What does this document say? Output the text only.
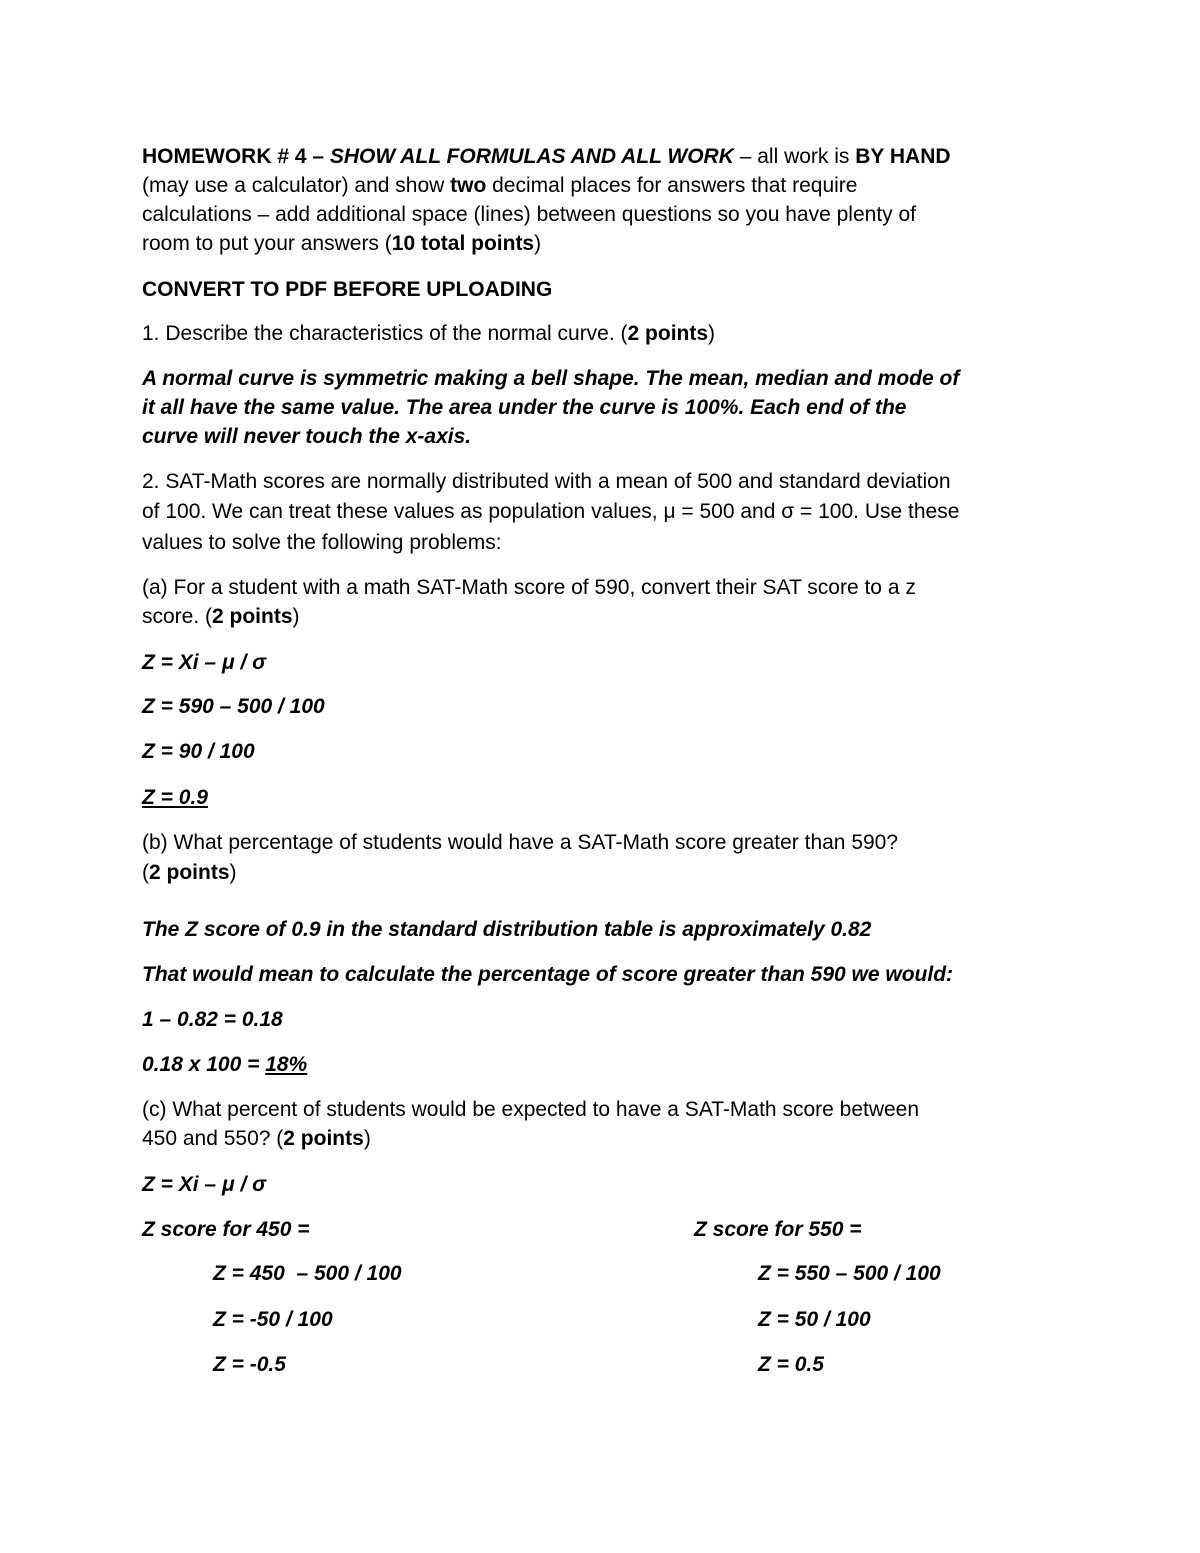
HOMEWORK # 4 – SHOW ALL FORMULAS AND ALL WORK – all work is BY HAND
(may use a calculator) and show two decimal places for answers that require
calculations – add additional space (lines) between questions so you have plenty of
room to put your answers (10 total points)
CONVERT TO PDF BEFORE UPLOADING
1. Describe the characteristics of the normal curve. (2 points)
A normal curve is symmetric making a bell shape. The mean, median and mode of
it all have the same value. The area under the curve is 100%. Each end of the
curve will never touch the x-axis.
2. SAT-Math scores are normally distributed with a mean of 500 and standard deviation
of 100. We can treat these values as population values, μ = 500 and σ = 100. Use these
values to solve the following problems:
(a) For a student with a math SAT-Math score of 590, convert their SAT score to a z
score. (2 points)
Z = Xi – μ / σ
Z = 590 – 500 / 100
Z = 90 / 100
Z = 0.9
(b) What percentage of students would have a SAT-Math score greater than 590?
(2 points)
The Z score of 0.9 in the standard distribution table is approximately 0.82
That would mean to calculate the percentage of score greater than 590 we would:
1 – 0.82 = 0.18
0.18 x 100 = 18%
(c) What percent of students would be expected to have a SAT-Math score between
450 and 550? (2 points)
Z = Xi – μ / σ
Z score for 450 =	Z score for 550 =
Z = 450  – 500 / 100	Z = 550 – 500 / 100
Z = -50 / 100	Z = 50 / 100
Z = -0.5	Z = 0.5
